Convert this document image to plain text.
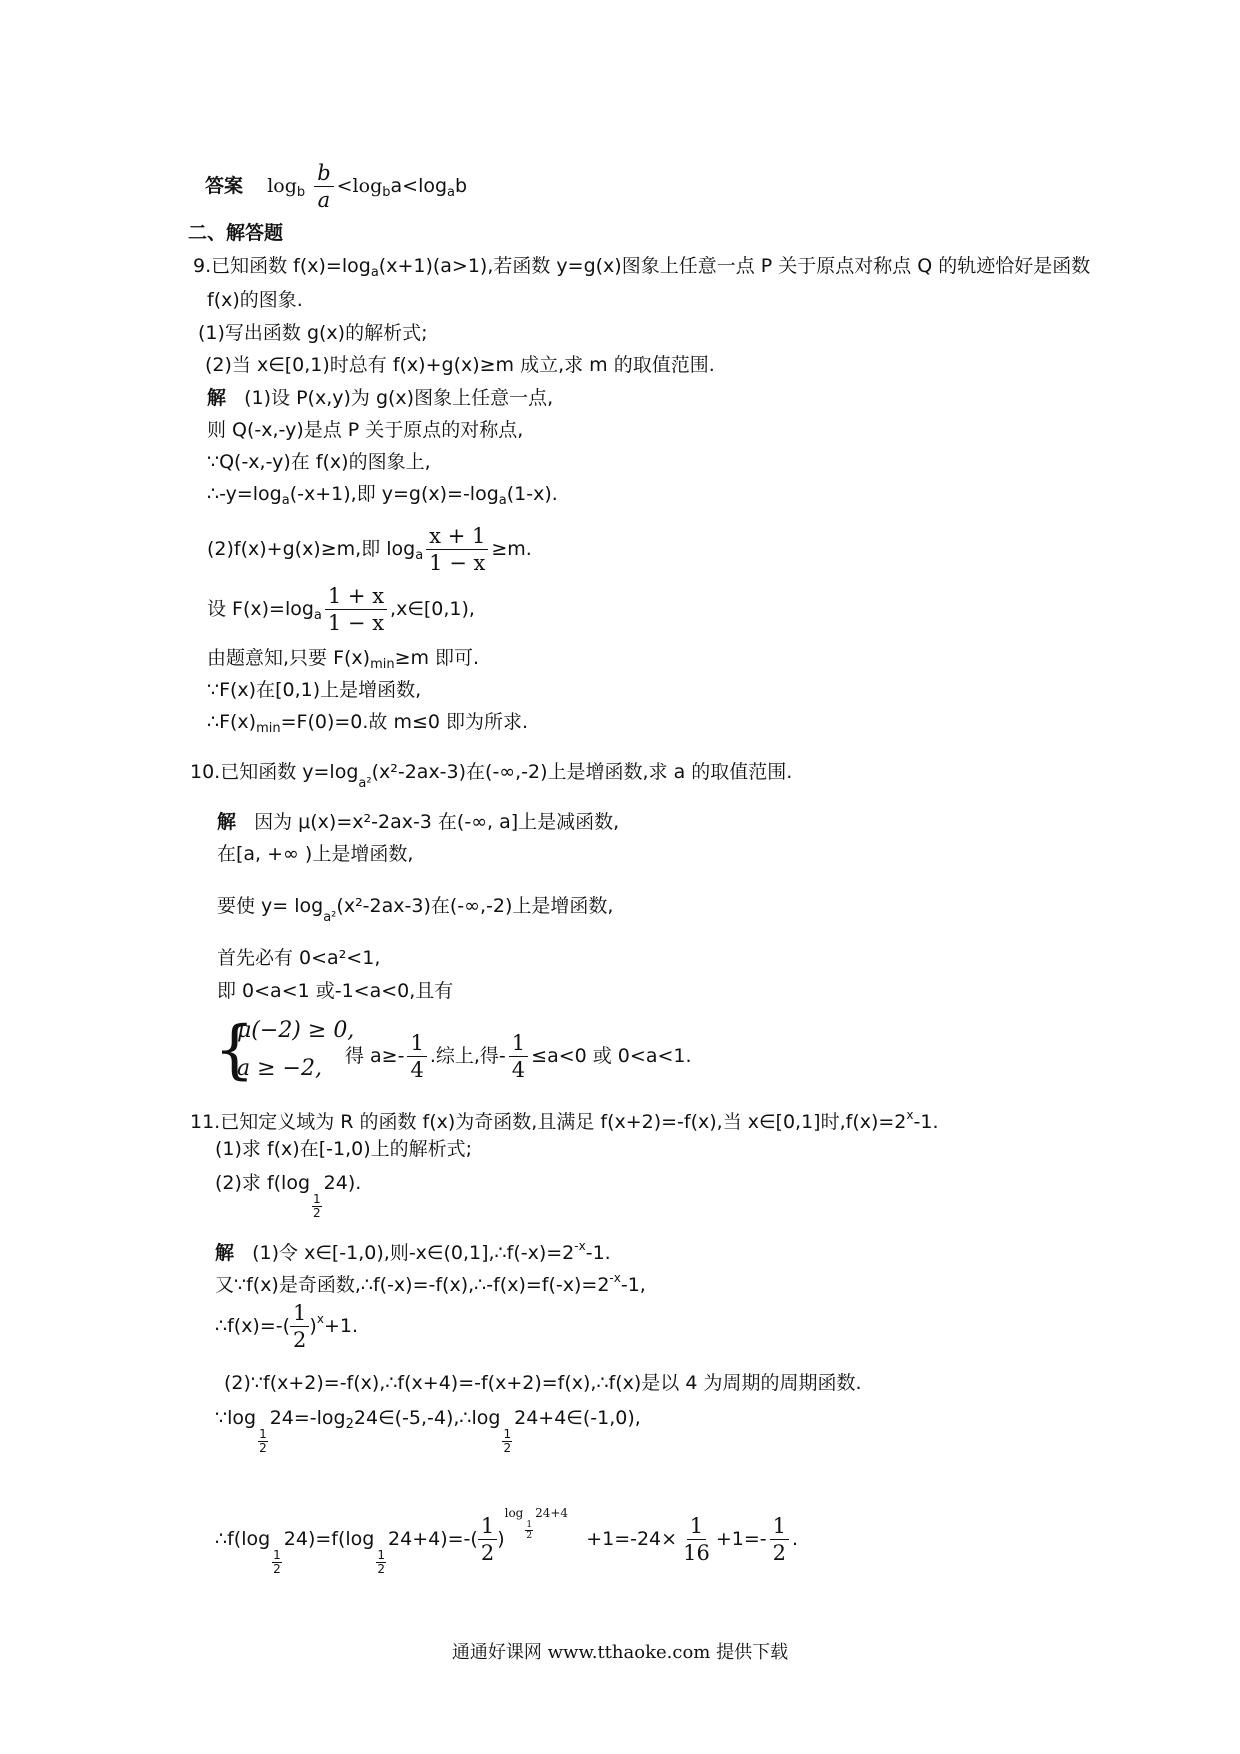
答案 $\log_b \frac{b}{a} <\log_ba<\log_ab$
二、解答题
9.已知函数 $f(x)=\log_a(x+1)(a>1)$,若函数 y=g(x)图象上任意一点 P 关于原点对称点 Q 的轨迹恰好是函数
f(x)的图象.
(1)写出函数 g(x)的解析式;
(2)当 x∈[0,1)时总有 f(x)+g(x)≥m 成立,求 m 的取值范围.
解 (1)设 P(x,y)为 g(x)图象上任意一点,
则 Q(-x,-y)是点 P 关于原点的对称点,
∵Q(-x,-y)在 f(x)的图象上,
$\therefore-y=\log_a(-x+1)$,即 $y=g(x)=-\log_a(1-x)$.
(2)f(x)+g(x)≥m,即 $\log_a \frac{x + 1}{1 - x} \ge m$.
设 $F(x)=\log_a \frac{1 + x}{1 - x}$ ,x∈[0,1),
由题意知,只要 $F(x)_{min}\ge m$ 即可.
∵F(x)在[0,1)上是增函数,
$\therefore F(x)_{min}=F(0)=0$.故 m≤0 即为所求.
10.已知函数 $y=\log_{a^2}(x^2-2ax-3)$在(-∞,-2)上是增函数,求 a 的取值范围.
解 因为 μ(x)=x²-2ax-3 在(-∞, a]上是减函数,
在[a, +∞ )上是增函数,
要使 $y= \log_{a^2}(x^2-2ax-3)$在(-∞,-2)上是增函数,
首先必有 0<a²<1,
即 0<a<1 或-1<a<0,且有
{
μ(−2) ≥ 0,
a ≥ −2, 得 $a\ge- \frac{1}{4}$ .综上,得- $\frac{1}{4} \le a<0$ 或 0<a<1.
11.已知定义域为 R 的函数 f(x)为奇函数,且满足 f(x+2)=-f(x),当 x∈[0,1]时$,f(x)=2^x-1$.
(1)求 f(x)在[-1,0)上的解析式;
(2)求 f(log
$\frac{1}{2}$
24).
解 (1)令 x∈[-1,0),则$-x\in(0,1],\therefore f(-x)=2^{-x}-1$.
又∵f(x)是奇函数$,\therefore f(-x)=-f(x),\therefore-f(x)=f(-x)=2^{-x}-1$,
∴f(x)=-( $\frac{1}{2} )^x+1$.
(2)∵f(x+2)=-f(x),∴f(x+4)=-f(x+2)=f(x),∴f(x)是以 4 为周期的周期函数.
∵log
$\frac{1}{2}$
$24=-\log_224\in(-5,-4),\therefore\log$
$\frac{1}{2}$
24+4∈(-1,0),
∴f(log
$\frac{1}{2}$
24)=f(log
$\frac{1}{2}$
$24+4)=-( \frac{1}{2} )\log$
$\frac{1}{2}$
$24+4 +1=-24\times \frac{1}{16} +1=- \frac{1}{2}$ .
通通好课网 www.tthaoke.com 提供下载
